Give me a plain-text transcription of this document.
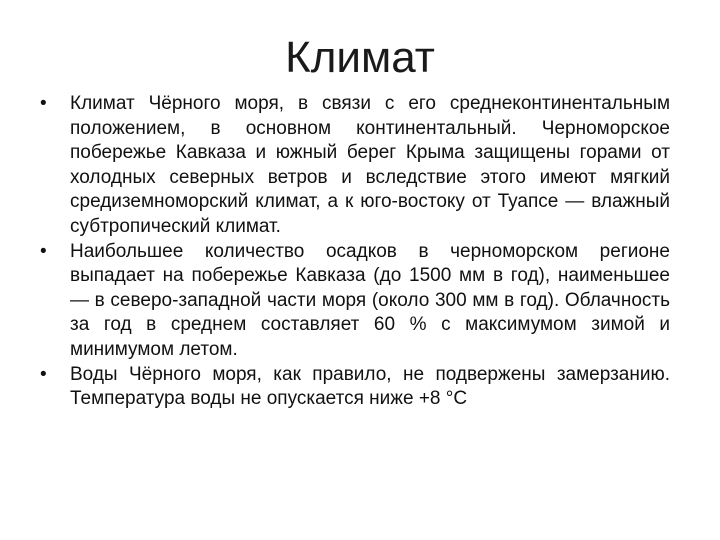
Климат
• Климат Чёрного моря, в связи с его среднеконтинентальным положением, в основном континентальный. Черноморское побережье Кавказа и южный берег Крыма защищены горами от холодных северных ветров и вследствие этого имеют мягкий средиземноморский климат, а к юго-востоку от Туапсе — влажный субтропический климат.
• Наибольшее количество осадков в черноморском регионе выпадает на побережье Кавказа (до 1500 мм в год), наименьшее — в северо-западной части моря (около 300 мм в год). Облачность за год в среднем составляет 60 % с максимумом зимой и минимумом летом.
• Воды Чёрного моря, как правило, не подвержены замерзанию. Температура воды не опускается ниже +8 °С
